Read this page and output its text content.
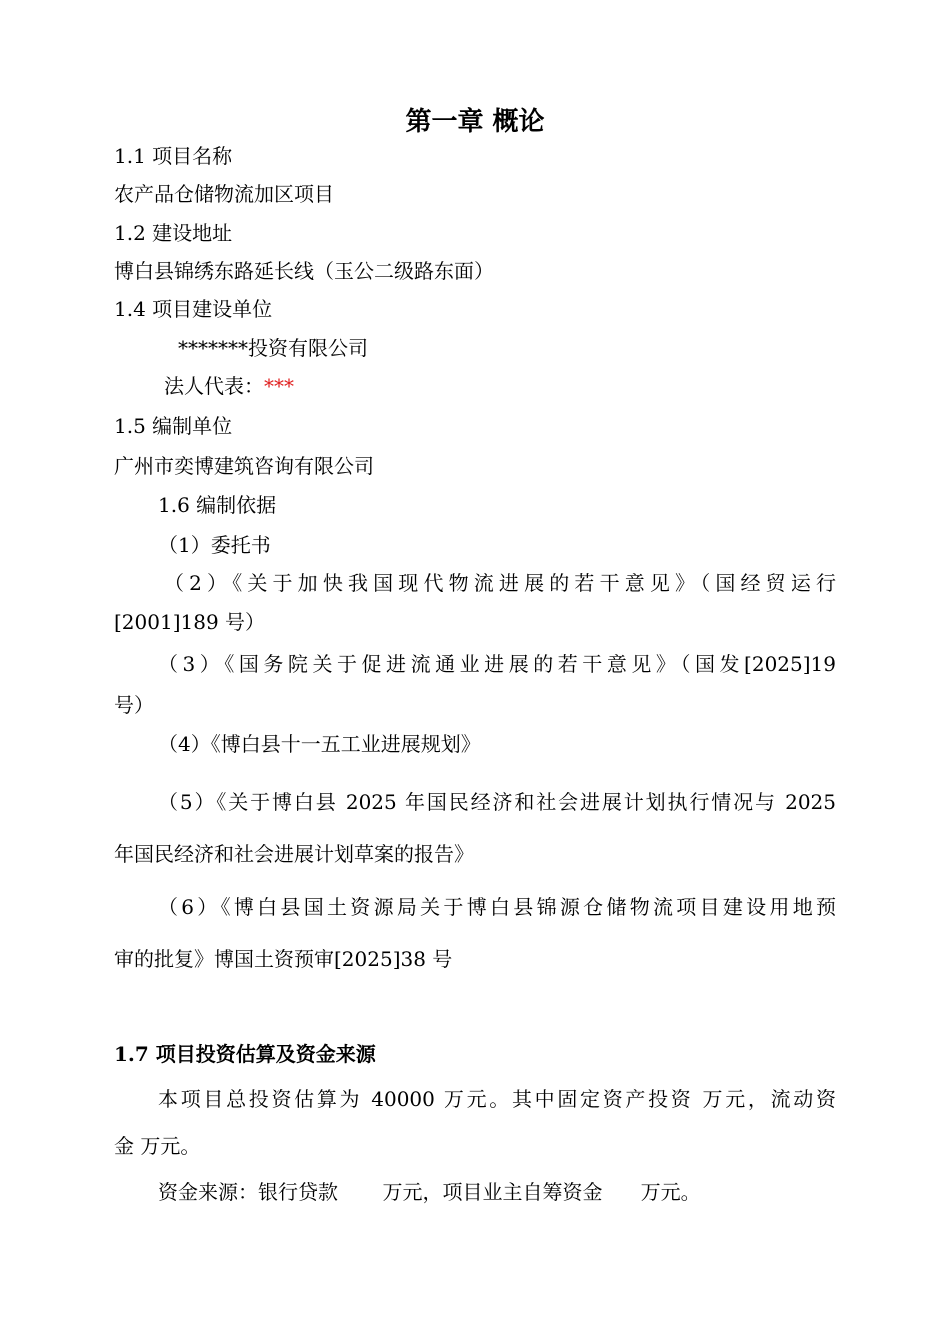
第一章 概论
1.1 项目名称
农产品仓储物流加区项目
1.2 建设地址
博白县锦绣东路延长线（玉公二级路东面）
1.4 项目建设单位
*******投资有限公司
法人代表：***
1.5 编制单位
广州市奕博建筑咨询有限公司
1.6 编制依据
（1）委托书
（2）《关于加快我国现代物流进展的若干意见》（国经贸运行
[2001]189 号）
（3）《国务院关于促进流通业进展的若干意见》（国发[2025]19
号）
（4）《博白县十一五工业进展规划》
（5）《关于博白县 2025 年国民经济和社会进展计划执行情况与 2025
年国民经济和社会进展计划草案的报告》
（6）《博白县国土资源局关于博白县锦源仓储物流项目建设用地预
审的批复》博国土资预审[2025]38 号
1.7 项目投资估算及资金来源
本项目总投资估算为 40000 万元。其中固定资产投资 万元，流动资
金 万元。
资金来源：银行贷款       万元，项目业主自筹资金      万元。
